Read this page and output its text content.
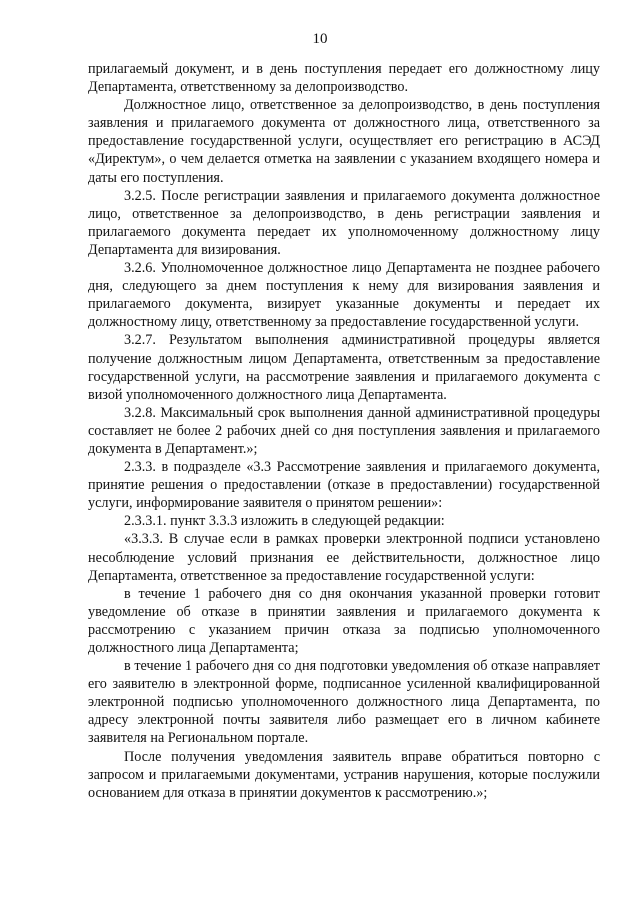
10

прилагаемый документ, и в день поступления передает его должностному лицу Департамента, ответственному за делопроизводство.

Должностное лицо, ответственное за делопроизводство, в день поступления заявления и прилагаемого документа от должностного лица, ответственного за предоставление государственной услуги, осуществляет его регистрацию в АСЭД «Директум», о чем делается отметка на заявлении с указанием входящего номера и даты его поступления.

3.2.5. После регистрации заявления и прилагаемого документа должностное лицо, ответственное за делопроизводство, в день регистрации заявления и прилагаемого документа передает их уполномоченному должностному лицу Департамента для визирования.

3.2.6. Уполномоченное должностное лицо Департамента не позднее рабочего дня, следующего за днем поступления к нему для визирования заявления и прилагаемого документа, визирует указанные документы и передает их должностному лицу, ответственному за предоставление государственной услуги.

3.2.7. Результатом выполнения административной процедуры является получение должностным лицом Департамента, ответственным за предоставление государственной услуги, на рассмотрение заявления и прилагаемого документа с визой уполномоченного должностного лица Департамента.

3.2.8. Максимальный срок выполнения данной административной процедуры составляет не более 2 рабочих дней со дня поступления заявления и прилагаемого документа в Департамент.»;

2.3.3. в подразделе «3.3 Рассмотрение заявления и прилагаемого документа, принятие решения о предоставлении (отказе в предоставлении) государственной услуги, информирование заявителя о принятом решении»:

2.3.3.1. пункт 3.3.3 изложить в следующей редакции:

«3.3.3. В случае если в рамках проверки электронной подписи установлено несоблюдение условий признания ее действительности, должностное лицо Департамента, ответственное за предоставление государственной услуги:

в течение 1 рабочего дня со дня окончания указанной проверки готовит уведомление об отказе в принятии заявления и прилагаемого документа к рассмотрению с указанием причин отказа за подписью уполномоченного должностного лица Департамента;

в течение 1 рабочего дня со дня подготовки уведомления об отказе направляет его заявителю в электронной форме, подписанное усиленной квалифицированной электронной подписью уполномоченного должностного лица Департамента, по адресу электронной почты заявителя либо размещает его в личном кабинете заявителя на Региональном портале.

После получения уведомления заявитель вправе обратиться повторно с запросом и прилагаемыми документами, устранив нарушения, которые послужили основанием для отказа в принятии документов к рассмотрению.»;
